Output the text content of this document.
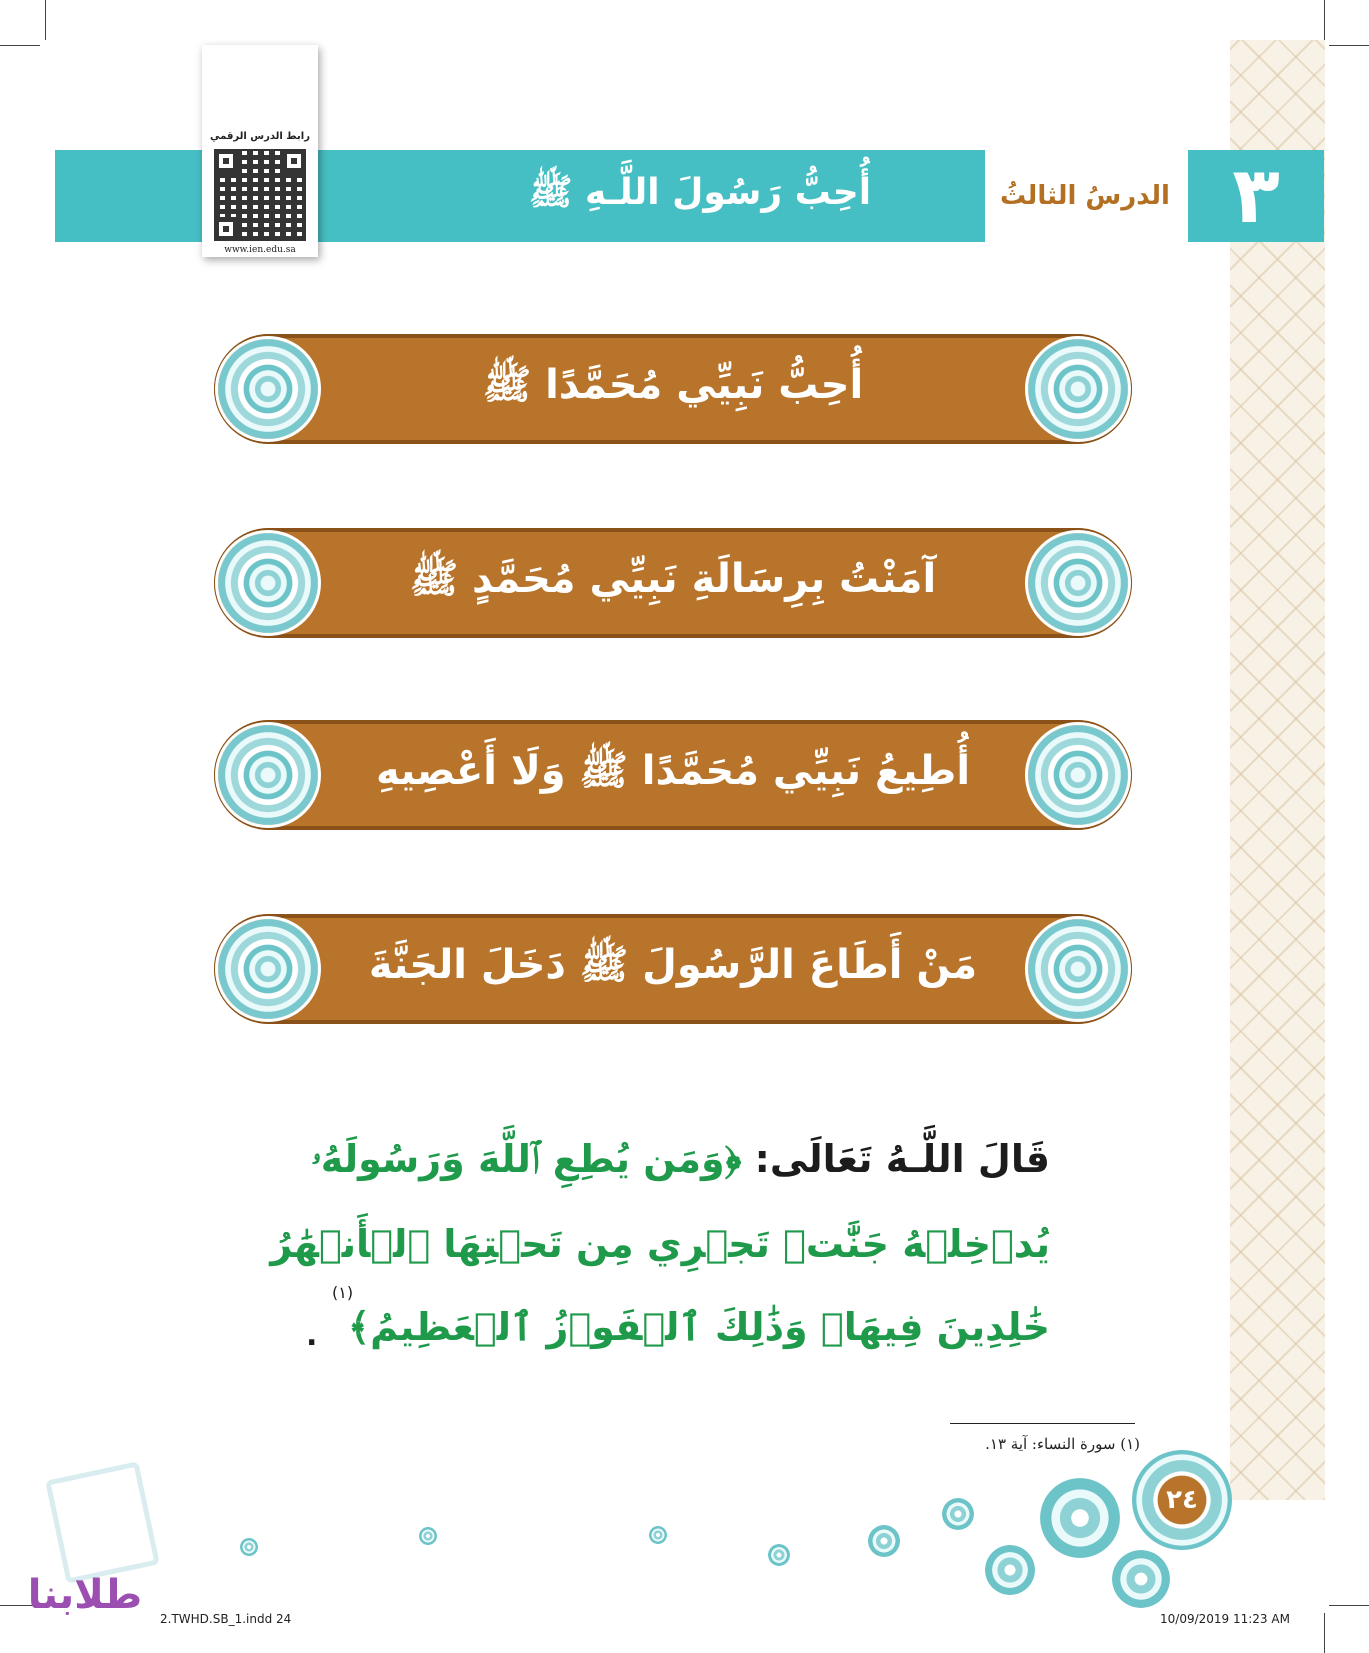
أُحِبُّ رَسُولَ اللَّـهِ ﷺ	الدرسُ الثالثُ ٣
رابط الدرس الرقمي
www.ien.edu.sa
أُحِبُّ نَبِيِّي مُحَمَّدًا ﷺ
آمَنْتُ بِرِسَالَةِ نَبِيِّي مُحَمَّدٍ ﷺ
أُطِيعُ نَبِيِّي مُحَمَّدًا ﷺ وَلَا أَعْصِيهِ
مَنْ أَطَاعَ الرَّسُولَ ﷺ دَخَلَ الجَنَّةَ
قَالَ اللَّـهُ تَعَالَى: ﴿وَمَن يُطِعِ ٱللَّهَ وَرَسُولَهُۥ
يُدۡخِلۡهُ جَنَّٰتٖ تَجۡرِي مِن تَحۡتِهَا ٱلۡأَنۡهَٰرُ
خَٰلِدِينَ فِيهَاۚ وَذَٰلِكَ ٱلۡفَوۡزُ ٱلۡعَظِيمُ﴾
(١)
.
(١) سورة النساء: آية ١٣.
٢٤
طلابنا
2.TWHD.SB_1.indd 24	10/09/2019 11:23 AM
